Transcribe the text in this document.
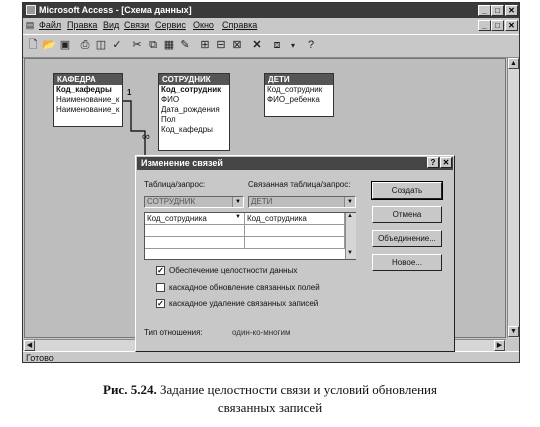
Microsoft Access - [Схема данных]	_	□	✕
▤ Файл Правка Вид Связи Сервис Окно Справка	_	□	✕
🗋 📂 ▣ ⎙ ◫ ✓ ✂ ⧉ ▦ ✎ ⊞ ⊟ ⊠ ✕	⧈	▾	?
КАФЕДРА
Код_кафедры
Наименование_к
Наименование_к
СОТРУДНИК
Код_сотрудник
ФИО
Дата_рождения
Пол
Код_кафедры
ДЕТИ
Код_сотрудник
ФИО_ребенка
1
∞
▲
▼
◀	▶
Готово
Изменение связей	? ✕
Таблица/запрос:	Связанная таблица/запрос:
СОТРУДНИК	▼	ДЕТИ	▼
Код_сотрудника	▼ Код_сотрудника	▲
▼
✓ Обеспечение целостности данных
каскадное обновление связанных полей
✓ каскадное удаление связанных записей
Тип отношения:	один-ко-многим
Создать
Отмена
Объединение...
Новое...
Рис. 5.24. Задание целостности связи и условий обновления
связанных записей
